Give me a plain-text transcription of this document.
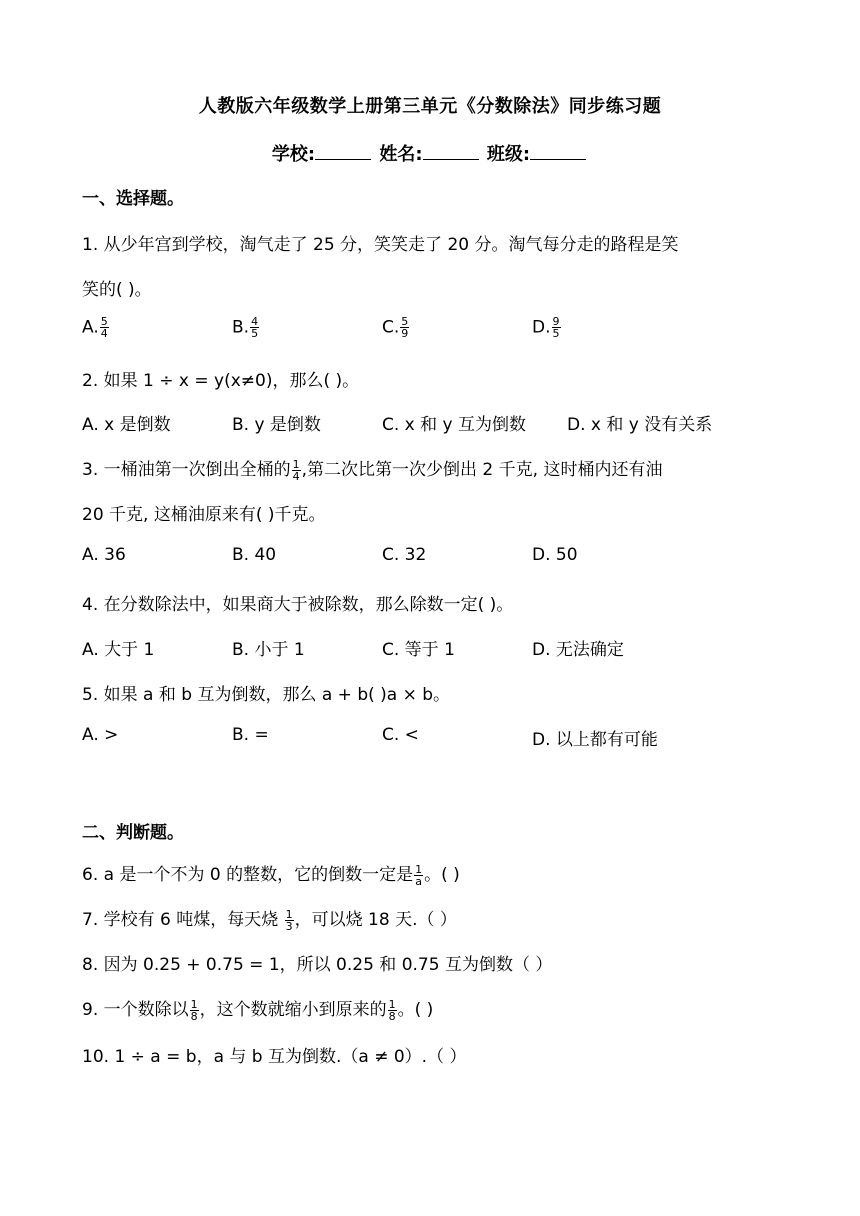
人教版六年级数学上册第三单元《分数除法》同步练习题
学校:	姓名:	班级:
一、选择题。
1. 从少年宫到学校，淘气走了 25 分，笑笑走了 20 分。淘气每分走的路程是笑
笑的( )。
A. $\frac{5}{4}$	B. $\frac{4}{5}$	C. $\frac{5}{9}$	D. $\frac{9}{5}$
2. 如果 1 ÷ x = y(x≠0)，那么( )。
A. x 是倒数	B. y 是倒数	C. x 和 y 互为倒数 D. x 和 y 没有关系
3. 一桶油第一次倒出全桶的 $\frac{1}{4}$ ,第二次比第一次少倒出 2 千克, 这时桶内还有油
20 千克, 这桶油原来有( )千克。
A. 36	B. 40	C. 32	D. 50
4. 在分数除法中，如果商大于被除数，那么除数一定( )。
A. 大于 1	B. 小于 1	C. 等于 1	D. 无法确定
5. 如果 a 和 b 互为倒数，那么 a + b( )a × b。
A. >	B. =	C. <	D. 以上都有可能
二、判断题。
6. a 是一个不为 0 的整数，它的倒数一定是 $\frac{1}{a}$ 。( )
7. 学校有 6 吨煤，每天烧 $\frac{1}{3}$ ，可以烧 18 天.（ ）
8. 因为 0.25 + 0.75 = 1，所以 0.25 和 0.75 互为倒数（ ）
9. 一个数除以 $\frac{1}{8}$ ，这个数就缩小到原来的 $\frac{1}{8}$ 。( )
10. 1 ÷ a = b，a 与 b 互为倒数.（a ≠ 0）.（ ）
